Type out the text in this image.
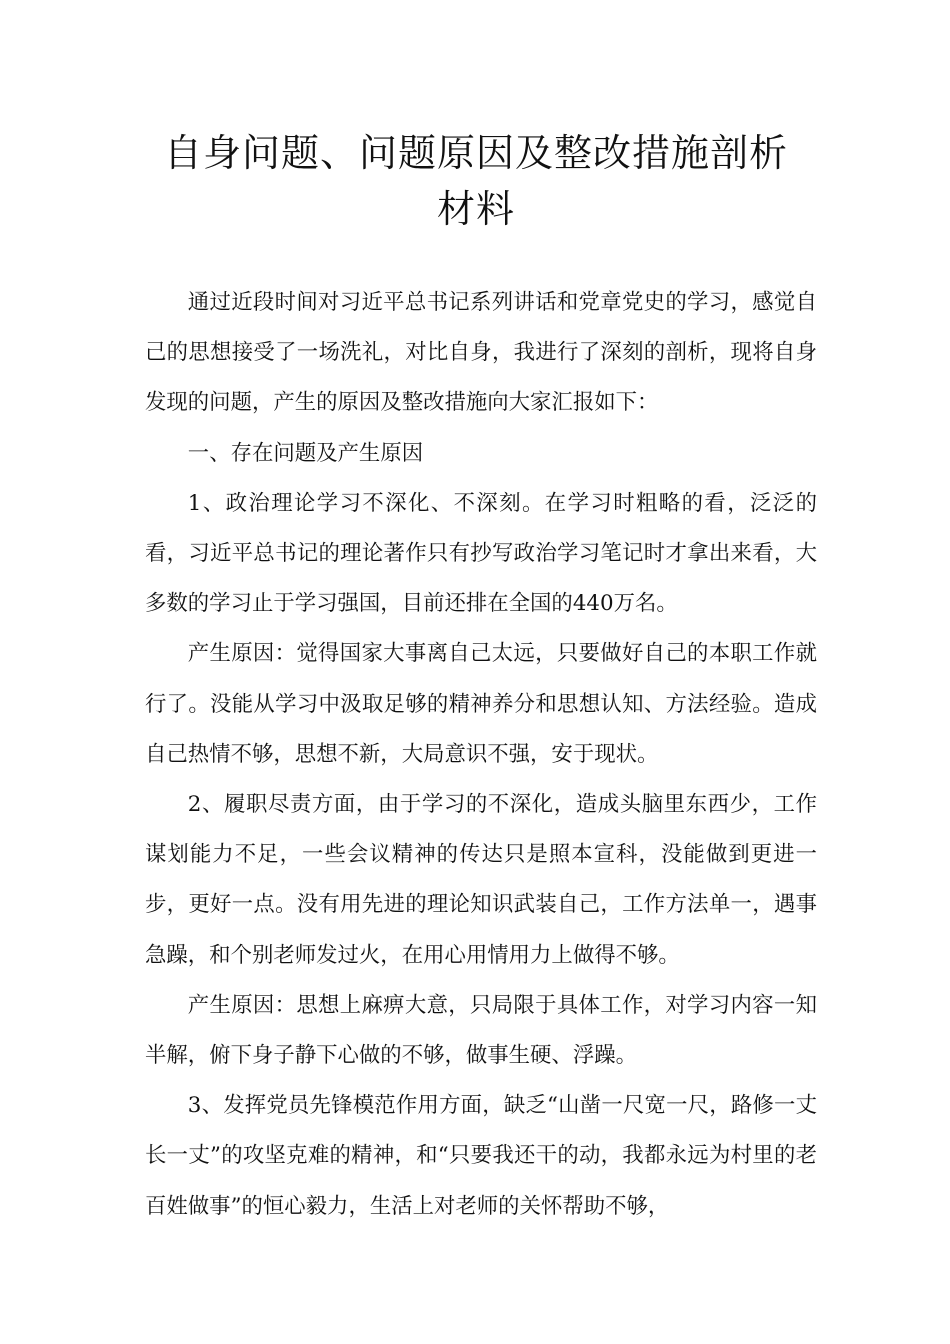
自身问题、问题原因及整改措施剖析材料

通过近段时间对习近平总书记系列讲话和党章党史的学习，感觉自己的思想接受了一场洗礼，对比自身，我进行了深刻的剖析，现将自身发现的问题，产生的原因及整改措施向大家汇报如下：

一、存在问题及产生原因

1、政治理论学习不深化、不深刻。在学习时粗略的看，泛泛的看，习近平总书记的理论著作只有抄写政治学习笔记时才拿出来看，大多数的学习止于学习强国，目前还排在全国的440万名。

产生原因：觉得国家大事离自己太远，只要做好自己的本职工作就行了。没能从学习中汲取足够的精神养分和思想认知、方法经验。造成自己热情不够，思想不新，大局意识不强，安于现状。

2、履职尽责方面，由于学习的不深化，造成头脑里东西少，工作谋划能力不足，一些会议精神的传达只是照本宣科，没能做到更进一步，更好一点。没有用先进的理论知识武装自己，工作方法单一，遇事急躁，和个别老师发过火，在用心用情用力上做得不够。

产生原因：思想上麻痹大意，只局限于具体工作，对学习内容一知半解，俯下身子静下心做的不够，做事生硬、浮躁。

3、发挥党员先锋模范作用方面，缺乏“山凿一尺宽一尺，路修一丈长一丈”的攻坚克难的精神，和“只要我还干的动，我都永远为村里的老百姓做事”的恒心毅力，生活上对老师的关怀帮助不够，
